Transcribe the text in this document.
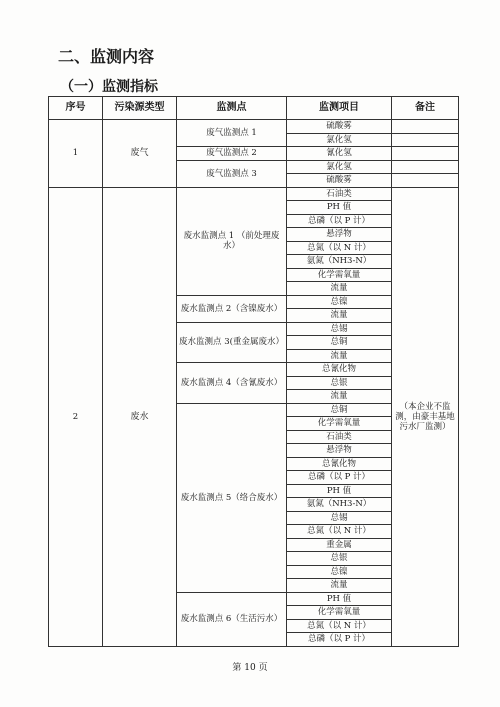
二、监测内容
（一）监测指标
序号	污染源类型	监测点	监测项目	备注
1	废气	废气监测点 1	硫酸雾	
			氯化氢	
		废气监测点 2	氰化氢	
		废气监测点 3	氯化氢	
			硫酸雾	
2	废水	废水监测点 1 （前处理废水）	石油类	（本企业不监测，由豪丰基地污水厂监测）
			PH 值	
			总磷（以 P 计）	
			悬浮物	
			总氮（以 N 计）	
			氨氮（NH3-N）	
			化学需氧量	
			流量	
		废水监测点 2（含镍废水）	总镍	
			流量	
		废水监测点 3(重金属废水）	总锡	
			总铜	
			流量	
		废水监测点 4（含氰废水）	总氰化物	
			总银	
			流量	
		废水监测点 5（络合废水）	总铜	
			化学需氧量	
			石油类	
			悬浮物	
			总氰化物	
			总磷（以 P 计）	
			PH 值	
			氨氮（NH3-N）	
			总锡	
			总氮（以 N 计）	
			重金属	
			总银	
			总镍	
			流量	
		废水监测点 6（生活污水）	PH 值	
			化学需氧量	
			总氮（以 N 计）	
			总磷（以 P 计）	
第 10 页
